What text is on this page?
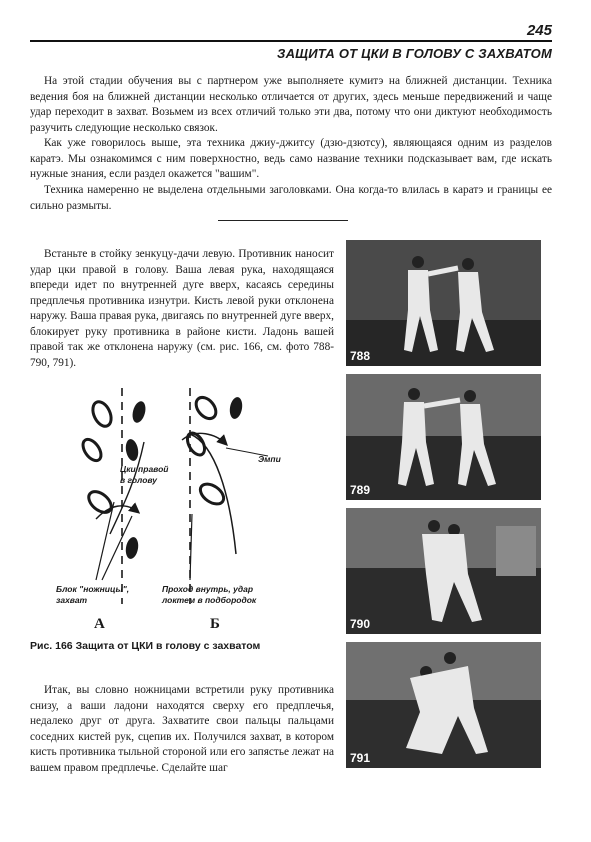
245
ЗАЩИТА ОТ ЦКИ В ГОЛОВУ С ЗАХВАТОМ

На этой стадии обучения вы с партнером уже выполняете кумитэ на ближней дистанции. Техника ведения боя на ближней дистанции несколько отличается от других, здесь меньше передвижений и чаще удар переходит в захват. Возьмем из всех отличий только эти два, потому что они диктуют необходимость разучить следующие несколько связок.

Как уже говорилось выше, эта техника джиу-джитсу (дзю-дзютсу), являющаяся одним из разделов каратэ. Мы ознакомимся с ним поверхностно, ведь само название техники подсказывает вам, где искать нужные знания, если раздел окажется "вашим".

Техника намеренно не выделена отдельными заголовками. Она когда-то влилась в каратэ и границы ее сильно размыты.

Встаньте в стойку зенкуцу-дачи левую. Противник наносит удар цки правой в голову. Ваша левая рука, находящаяся впереди идет по внутренней дуге вверх, касаясь середины предплечья противника изнутри. Кисть левой руки отклонена наружу. Ваша правая рука, двигаясь по внутренней дуге вверх, блокирует руку противника в районе кисти. Ладонь вашей правой так же отклонена наружу (см. рис. 166, см. фото 788-790, 791).

Цки правой в голову
Эмпи
Блок "ножницы", захват
Проход внутрь, удар локтем в подбородок
А	Б
Рис. 166 Защита от ЦКИ в голову с захватом

Итак, вы словно ножницами встретили руку противника снизу, а ваши ладони находятся сверху его предплечья, недалеко друг от друга. Захватите свои пальцы пальцами соседних кистей рук, сцепив их. Получился захват, в котором кисть противника тыльной стороной или его запястье лежат на вашем правом предплечье. Сделайте шаг

788
789
790
791
